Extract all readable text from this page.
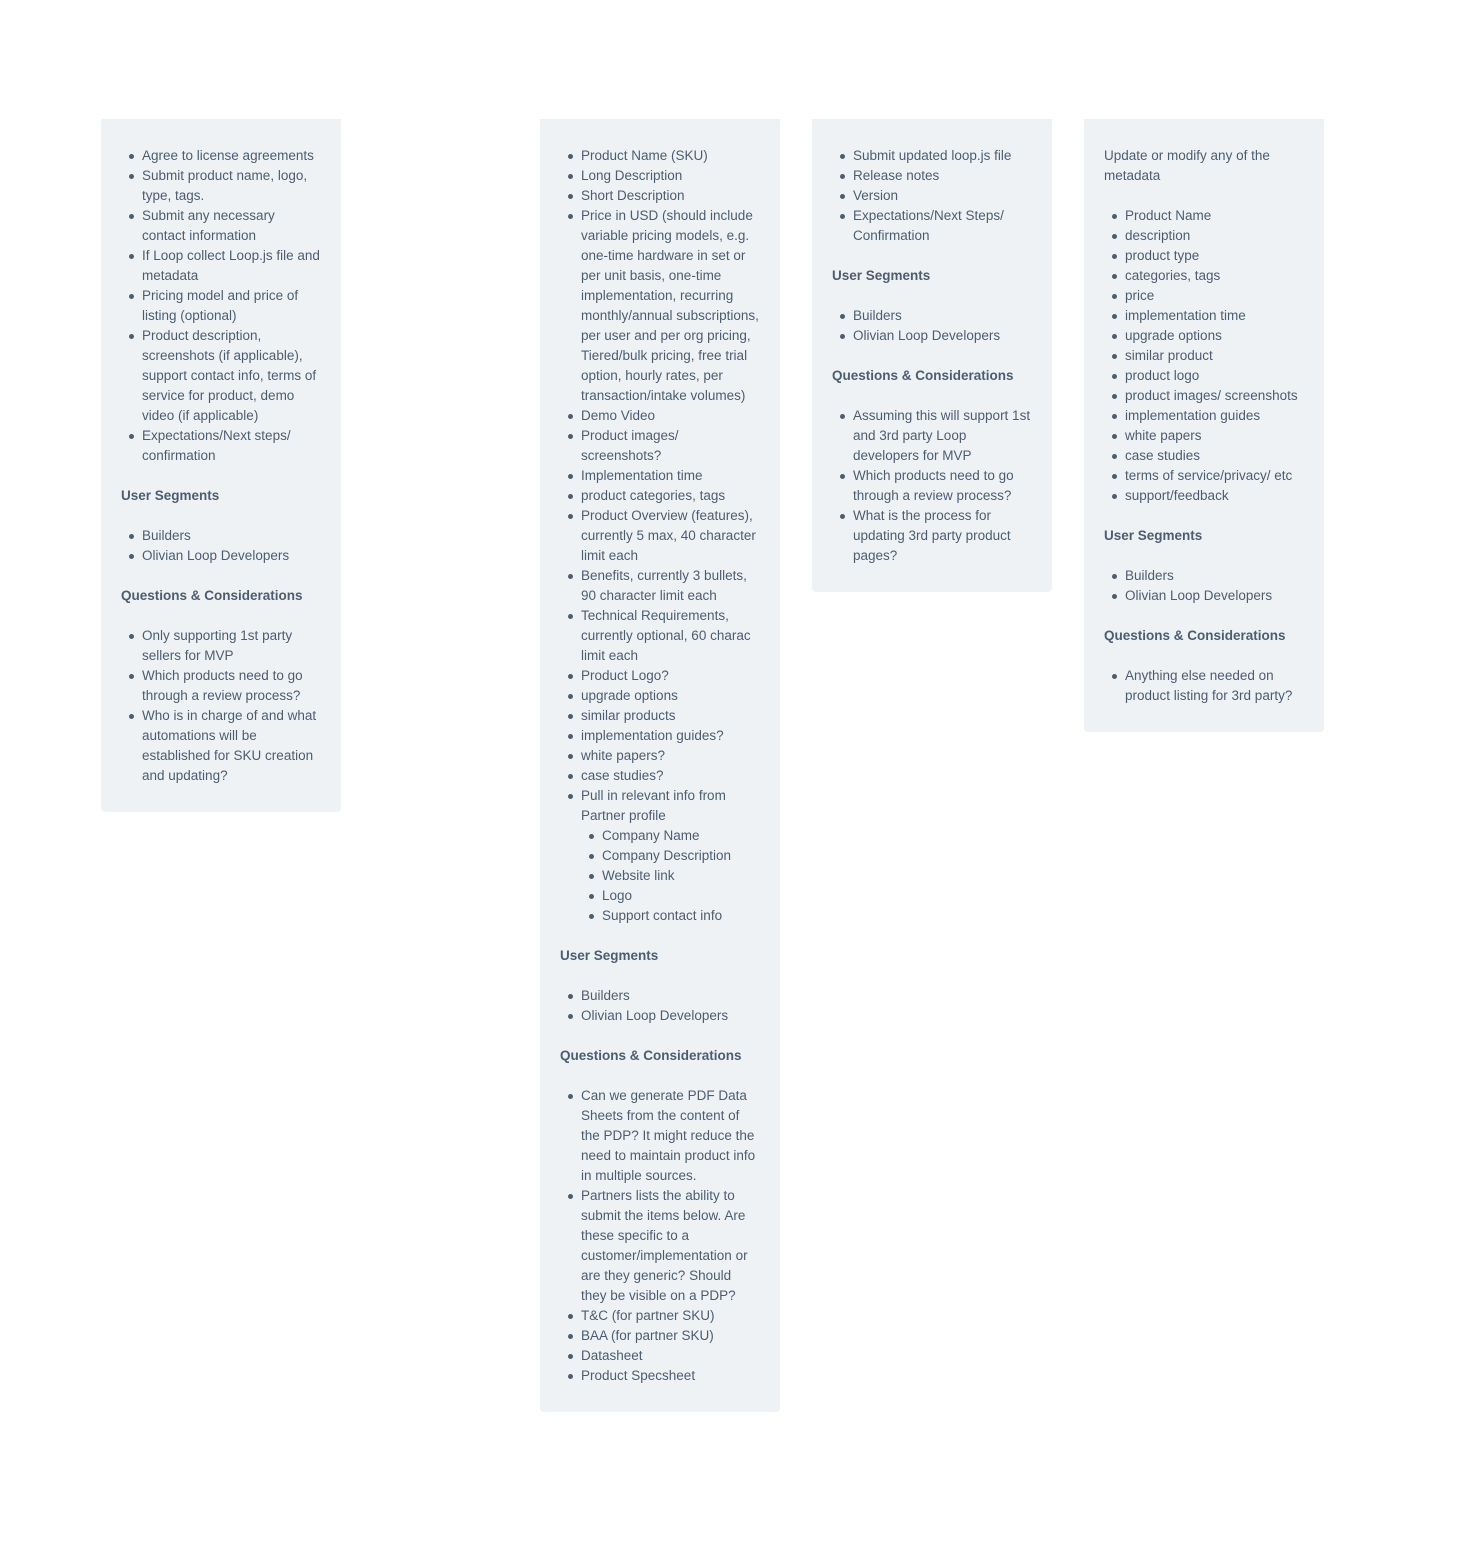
Agree to license agreements
Submit product name, logo, type, tags.
Submit any necessary contact information
If Loop collect Loop.js file and metadata
Pricing model and price of listing (optional)
Product description, screenshots (if applicable), support contact info, terms of service for product, demo video (if applicable)
Expectations/Next steps/ confirmation
User Segments
Builders
Olivian Loop Developers
Questions & Considerations
Only supporting 1st party sellers for MVP
Which products need to go through a review process?
Who is in charge of and what automations will be established for SKU creation and updating?
Product Name (SKU)
Long Description
Short Description
Price in USD (should include variable pricing models, e.g. one-time hardware in set or per unit basis, one-time implementation, recurring monthly/annual subscriptions, per user and per org pricing, Tiered/bulk pricing, free trial option, hourly rates, per transaction/intake volumes)
Demo Video
Product images/ screenshots?
Implementation time
product categories, tags
Product Overview (features), currently 5 max, 40 character limit each
Benefits, currently 3 bullets, 90 character limit each
Technical Requirements, currently optional, 60 charac limit each
Product Logo?
upgrade options
similar products
implementation guides?
white papers?
case studies?
Pull in relevant info from Partner profile
Company Name
Company Description
Website link
Logo
Support contact info
User Segments
Builders
Olivian Loop Developers
Questions & Considerations
Can we generate PDF Data Sheets from the content of the PDP? It might reduce the need to maintain product info in multiple sources.
Partners lists the ability to submit the items below. Are these specific to a customer/implementation or are they generic? Should they be visible on a PDP?
T&C (for partner SKU)
BAA (for partner SKU)
Datasheet
Product Specsheet
Submit updated loop.js file
Release notes
Version
Expectations/Next Steps/ Confirmation
User Segments
Builders
Olivian Loop Developers
Questions & Considerations
Assuming this will support 1st and 3rd party Loop developers for MVP
Which products need to go through a review process?
What is the process for updating 3rd party product pages?
Update or modify any of the metadata
Product Name
description
product type
categories, tags
price
implementation time
upgrade options
similar product
product logo
product images/ screenshots
implementation guides
white papers
case studies
terms of service/privacy/ etc
support/feedback
User Segments
Builders
Olivian Loop Developers
Questions & Considerations
Anything else needed on product listing for 3rd party?
